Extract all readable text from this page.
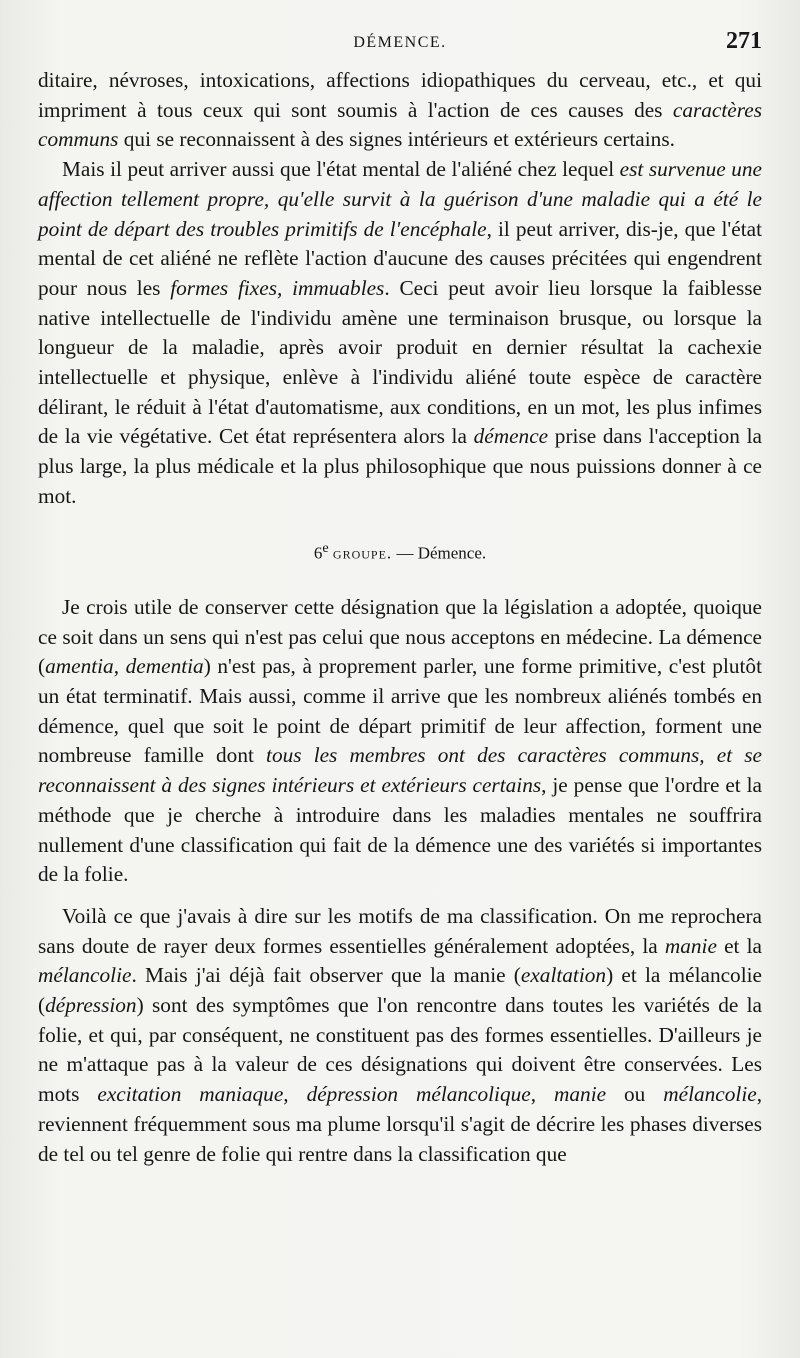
DÉMENCE.	271

ditaire, névroses, intoxications, affections idiopathiques du cerveau, etc., et qui impriment à tous ceux qui sont soumis à l'action de ces causes des caractères communs qui se reconnaissent à des signes intérieurs et extérieurs certains.

Mais il peut arriver aussi que l'état mental de l'aliéné chez lequel est survenue une affection tellement propre, qu'elle survit à la guérison d'une maladie qui a été le point de départ des troubles primitifs de l'encéphale, il peut arriver, dis-je, que l'état mental de cet aliéné ne reflète l'action d'aucune des causes précitées qui engendrent pour nous les formes fixes, immuables. Ceci peut avoir lieu lorsque la faiblesse native intellectuelle de l'individu amène une terminaison brusque, ou lorsque la longueur de la maladie, après avoir produit en dernier résultat la cachexie intellectuelle et physique, enlève à l'individu aliéné toute espèce de caractère délirant, le réduit à l'état d'automatisme, aux conditions, en un mot, les plus infimes de la vie végétative. Cet état représentera alors la démence prise dans l'acception la plus large, la plus médicale et la plus philosophique que nous puissions donner à ce mot.

6e groupe. — Démence.

Je crois utile de conserver cette désignation que la législation a adoptée, quoique ce soit dans un sens qui n'est pas celui que nous acceptons en médecine. La démence (amentia, dementia) n'est pas, à proprement parler, une forme primitive, c'est plutôt un état terminatif. Mais aussi, comme il arrive que les nombreux aliénés tombés en démence, quel que soit le point de départ primitif de leur affection, forment une nombreuse famille dont tous les membres ont des caractères communs, et se reconnaissent à des signes intérieurs et extérieurs certains, je pense que l'ordre et la méthode que je cherche à introduire dans les maladies mentales ne souffrira nullement d'une classification qui fait de la démence une des variétés si importantes de la folie.

Voilà ce que j'avais à dire sur les motifs de ma classification. On me reprochera sans doute de rayer deux formes essentielles généralement adoptées, la manie et la mélancolie. Mais j'ai déjà fait observer que la manie (exaltation) et la mélancolie (dépression) sont des symptômes que l'on rencontre dans toutes les variétés de la folie, et qui, par conséquent, ne constituent pas des formes essentielles. D'ailleurs je ne m'attaque pas à la valeur de ces désignations qui doivent être conservées. Les mots excitation maniaque, dépression mélancolique, manie ou mélancolie, reviennent fréquemment sous ma plume lorsqu'il s'agit de décrire les phases diverses de tel ou tel genre de folie qui rentre dans la classification que
